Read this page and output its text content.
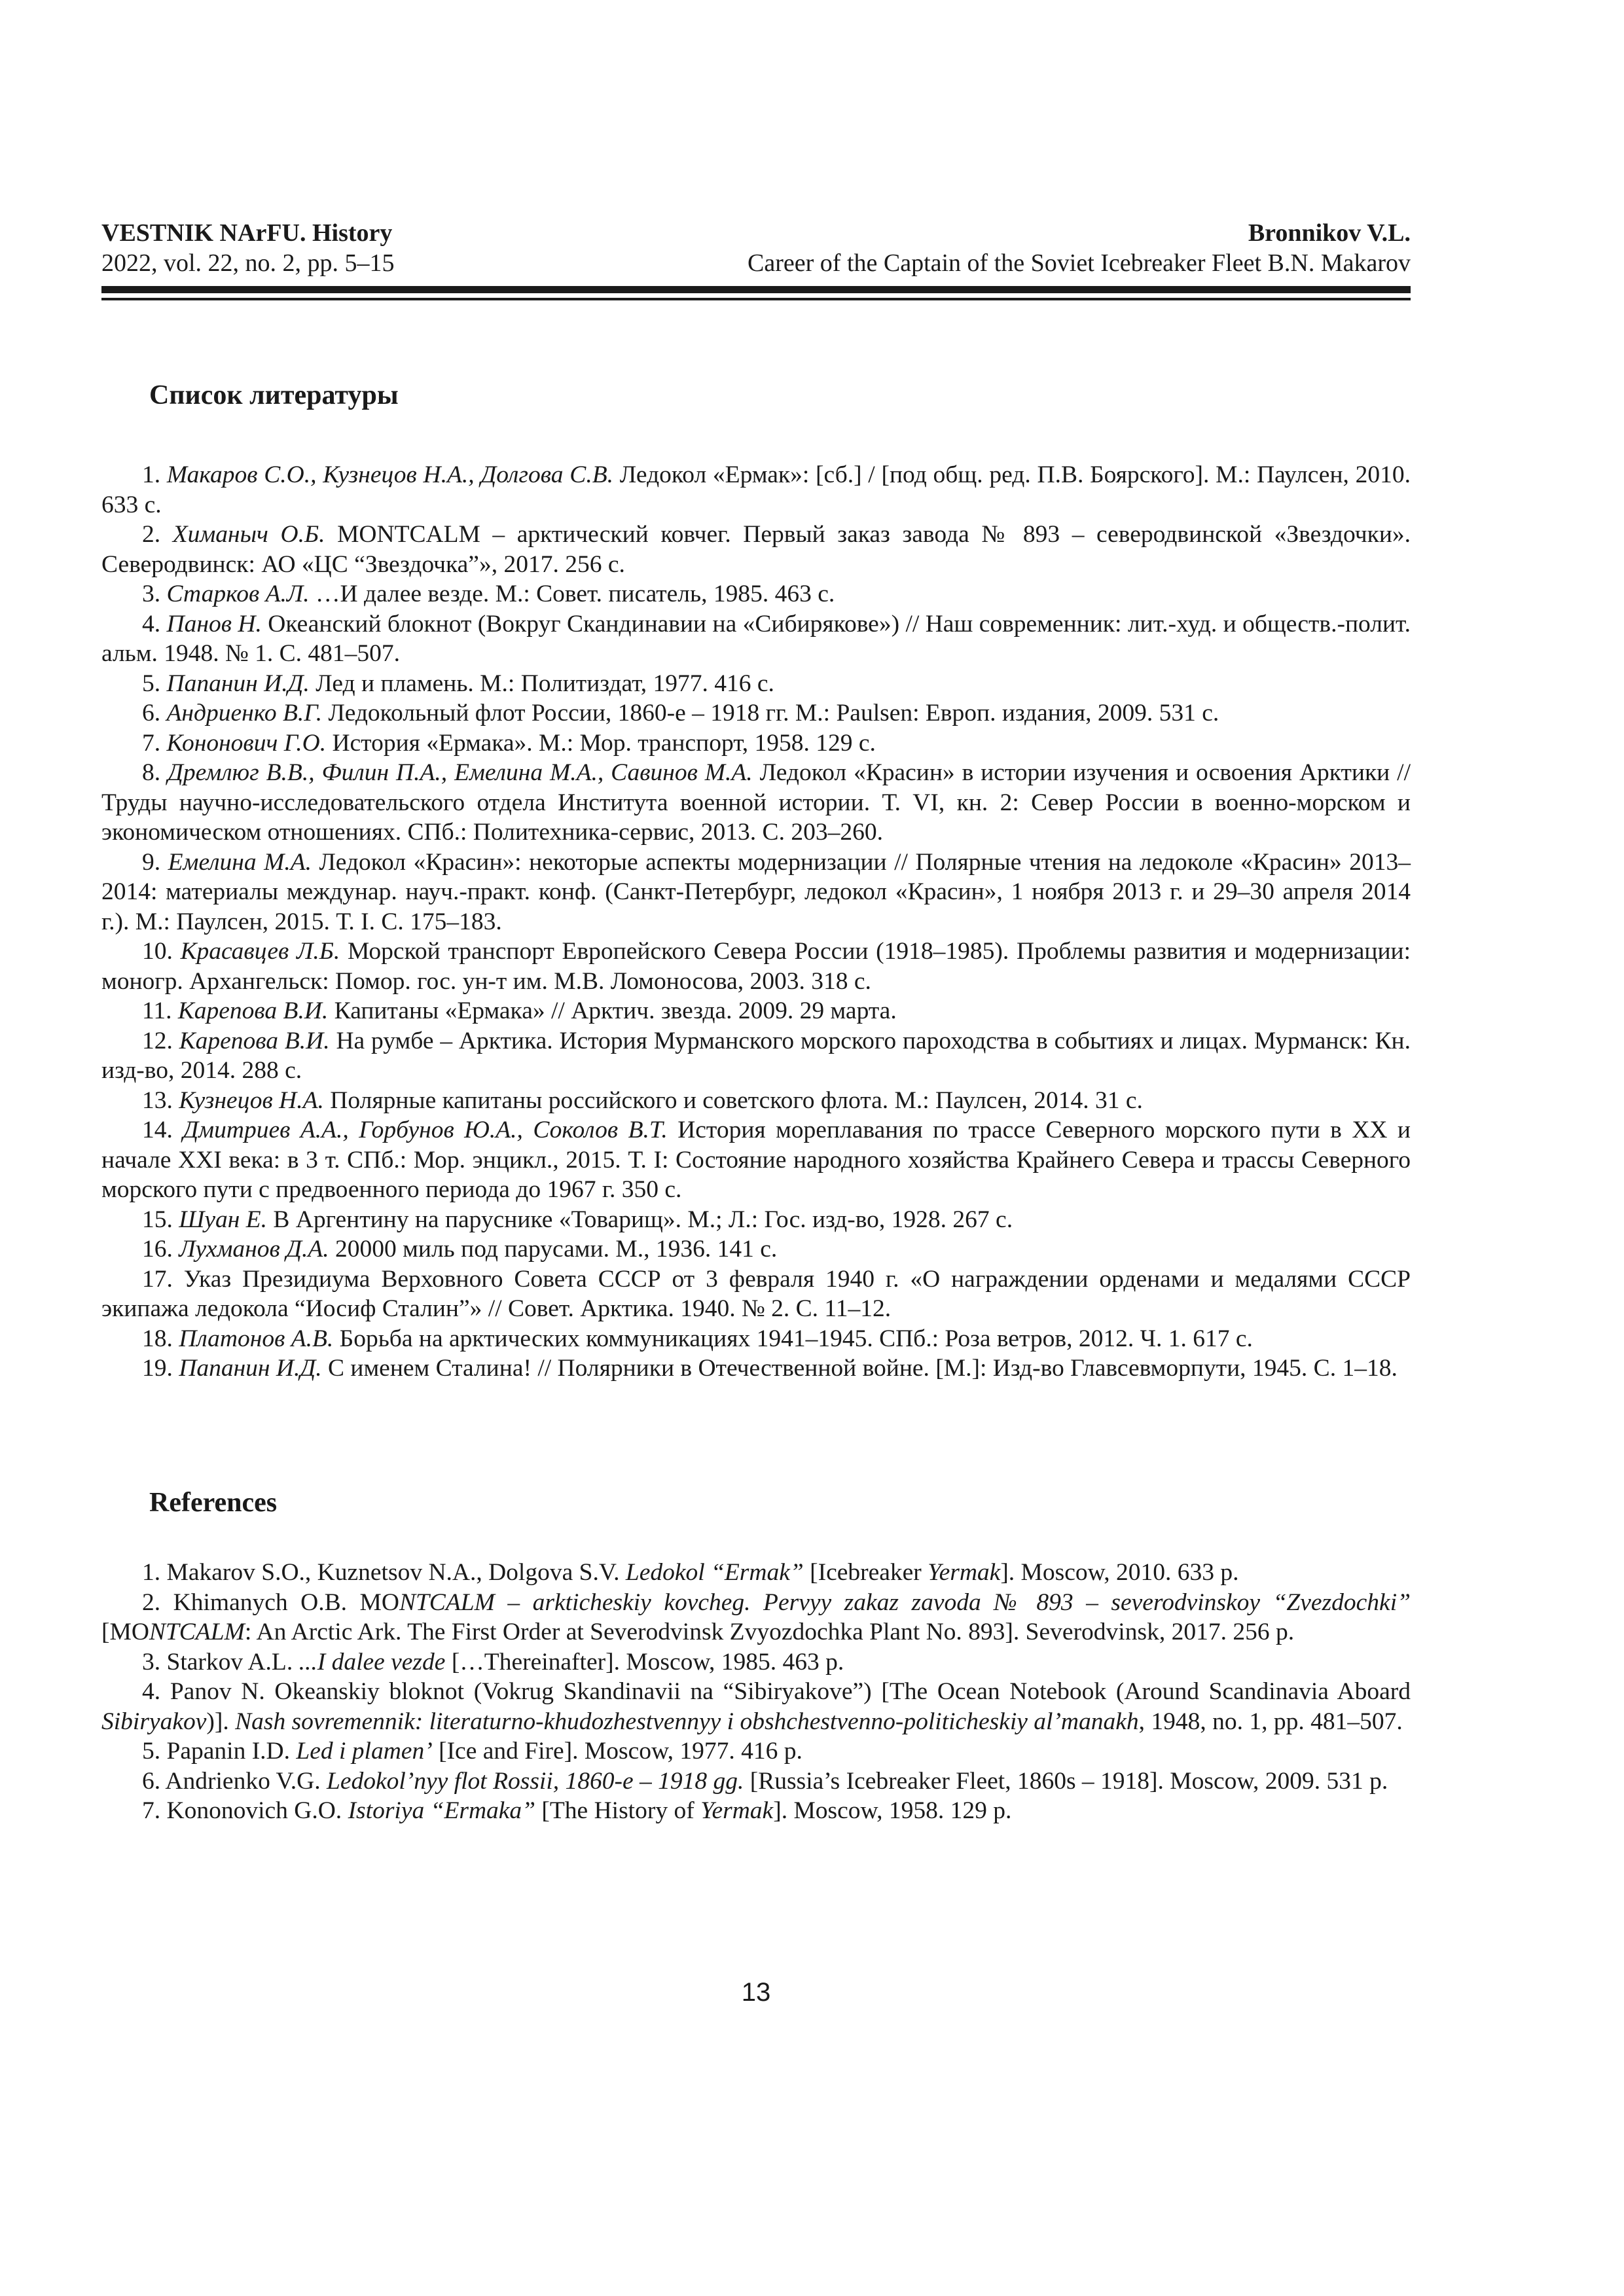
VESTNIK NArFU. History	Bronnikov V.L.
2022, vol. 22, no. 2, pp. 5–15	Career of the Captain of the Soviet Icebreaker Fleet B.N. Makarov
Список литературы

1. Макаров С.О., Кузнецов Н.А., Долгова С.В. Ледокол «Ермак»: [сб.] / [под общ. ред. П.В. Боярского]. М.: Паулсен, 2010. 633 с.

2. Химаныч О.Б. MONTCALM – арктический ковчег. Первый заказ завода № 893 – северодвинской «Звездочки». Северодвинск: АО «ЦС “Звездочка”», 2017. 256 с.

3. Старков А.Л. …И далее везде. М.: Совет. писатель, 1985. 463 с.

4. Панов Н. Океанский блокнот (Вокруг Скандинавии на «Сибирякове») // Наш современник: лит.-худ. и обществ.-полит. альм. 1948. № 1. С. 481–507.

5. Папанин И.Д. Лед и пламень. М.: Политиздат, 1977. 416 с.

6. Андриенко В.Г. Ледокольный флот России, 1860-е – 1918 гг. М.: Paulsen: Европ. издания, 2009. 531 с.

7. Кононович Г.О. История «Ермака». М.: Мор. транспорт, 1958. 129 с.

8. Дремлюг В.В., Филин П.А., Емелина М.А., Савинов М.А. Ледокол «Красин» в истории изучения и освоения Арктики // Труды научно-исследовательского отдела Института военной истории. Т. VI, кн. 2: Север России в военно-морском и экономическом отношениях. СПб.: Политехника-сервис, 2013. С. 203–260.

9. Емелина М.А. Ледокол «Красин»: некоторые аспекты модернизации // Полярные чтения на ледоколе «Красин» 2013–2014: материалы междунар. науч.-практ. конф. (Санкт-Петербург, ледокол «Красин», 1 ноября 2013 г. и 29–30 апреля 2014 г.). М.: Паулсен, 2015. Т. I. С. 175–183.

10. Красавцев Л.Б. Морской транспорт Европейского Севера России (1918–1985). Проблемы развития и модернизации: моногр. Архангельск: Помор. гос. ун-т им. М.В. Ломоносова, 2003. 318 с.

11. Карепова В.И. Капитаны «Ермака» // Арктич. звезда. 2009. 29 марта.

12. Карепова В.И. На румбе – Арктика. История Мурманского морского пароходства в событиях и лицах. Мурманск: Кн. изд-во, 2014. 288 с.

13. Кузнецов Н.А. Полярные капитаны российского и советского флота. М.: Паулсен, 2014. 31 с.

14. Дмитриев А.А., Горбунов Ю.А., Соколов В.Т. История мореплавания по трассе Северного морского пути в XX и начале XXI века: в 3 т. СПб.: Мор. энцикл., 2015. Т. I: Состояние народного хозяйства Крайнего Севера и трассы Северного морского пути с предвоенного периода до 1967 г. 350 с.

15. Шуан Е. В Аргентину на паруснике «Товарищ». М.; Л.: Гос. изд-во, 1928. 267 с.

16. Лухманов Д.А. 20000 миль под парусами. М., 1936. 141 с.

17. Указ Президиума Верховного Совета СССР от 3 февраля 1940 г. «О награждении орденами и медалями СССР экипажа ледокола “Иосиф Сталин”» // Совет. Арктика. 1940. № 2. С. 11–12.

18. Платонов А.В. Борьба на арктических коммуникациях 1941–1945. СПб.: Роза ветров, 2012. Ч. 1. 617 с.

19. Папанин И.Д. С именем Сталина! // Полярники в Отечественной войне. [М.]: Изд-во Главсевморпути, 1945. С. 1–18.

References

1. Makarov S.O., Kuznetsov N.A., Dolgova S.V. Ledokol “Ermak” [Icebreaker Yermak]. Moscow, 2010. 633 p.

2. Khimanych O.B. MONTCALM – arkticheskiy kovcheg. Pervyy zakaz zavoda № 893 – severodvinskoy “Zvezdochki” [MONTCALM: An Arctic Ark. The First Order at Severodvinsk Zvyozdochka Plant No. 893]. Severodvinsk, 2017. 256 p.

3. Starkov A.L. ...I dalee vezde […Thereinafter]. Moscow, 1985. 463 p.

4. Panov N. Okeanskiy bloknot (Vokrug Skandinavii na “Sibiryakove”) [The Ocean Notebook (Around Scandinavia Aboard Sibiryakov)]. Nash sovremennik: literaturno-khudozhestvennyy i obshchestvenno-politicheskiy al’manakh, 1948, no. 1, pp. 481–507.

5. Papanin I.D. Led i plamen’ [Ice and Fire]. Moscow, 1977. 416 p.

6. Andrienko V.G. Ledokol’nyy flot Rossii, 1860-e – 1918 gg. [Russia’s Icebreaker Fleet, 1860s – 1918]. Moscow, 2009. 531 p.

7. Kononovich G.O. Istoriya “Ermaka” [The History of Yermak]. Moscow, 1958. 129 p.

13
